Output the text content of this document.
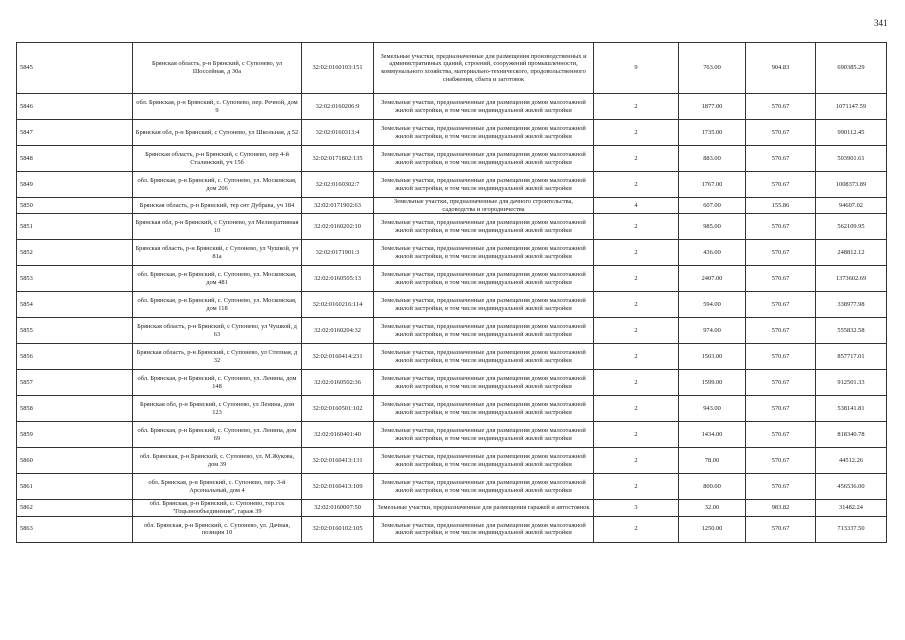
341
5845	Брянская область, р-н Брянский, с Супонево, ул Шоссейная, д 30а	32:02:0160103:151	Земельные участки, предназначенные для размещения производственных и административных зданий, строений, сооружений промышленности, коммунального хозяйства, материально-технического, продовольственного снабжения, сбыта и заготовок	9	763.00	904.83	690385.29
5846	обл. Брянская, р-н Брянский, с. Супонево, пер. Речной, дом 9	32:02:0160206:9	Земельные участки, предназначенные для размещения домов малоэтажной жилой застройки, в том числе индивидуальной жилой застройки	2	1877.00	570.67	1071147.59
5847	Брянская обл, р-н Брянский, с Супонево, ул Школьная, д 52	32:02:0160313:4	Земельные участки, предназначенные для размещения домов малоэтажной жилой застройки, в том числе индивидуальной жилой застройки	2	1735.00	570.67	990112.45
5848	Брянская область, р-н Брянский, с Супонево, пер 4-й Сталинский, уч 15б	32:02:0171802:135	Земельные участки, предназначенные для размещения домов малоэтажной жилой застройки, в том числе индивидуальной жилой застройки	2	883.00	570.67	503901.61
5849	обл. Брянская, р-н Брянский, с. Супонево, ул. Московская, дом 206	32:02:0160302:7	Земельные участки, предназначенные для размещения домов малоэтажной жилой застройки, в том числе индивидуальной жилой застройки	2	1767.00	570.67	1008373.89
5850	Брянская область, р-н Брянский, тер снт Дубрава, уч 184	32:02:0171902:63	Земельные участки, предназначенные для дачного строительства, садоводства и огородничества	4	607.00	155.86	94607.02
5851	Брянская обл, р-н Брянский, с Супонево, ул Мелиоративная 10	32:02:0160202:10	Земельные участки, предназначенные для размещения домов малоэтажной жилой застройки, в том числе индивидуальной жилой застройки	2	985.00	570.67	562109.95
5852	Брянская область, р-н Брянский, с Супонево, ул Чушкой, уч 81а	32:02:0171901:3	Земельные участки, предназначенные для размещения домов малоэтажной жилой застройки, в том числе индивидуальной жилой застройки	2	436.00	570.67	248812.12
5853	обл. Брянская, р-н Брянский, с. Супонево, ул. Московская, дом 481	32:02:0160505:13	Земельные участки, предназначенные для размещения домов малоэтажной жилой застройки, в том числе индивидуальной жилой застройки	2	2407.00	570.67	1373602.69
5854	обл. Брянская, р-н Брянский, с. Супонево, ул. Московская, дом 118	32:02:0160216:114	Земельные участки, предназначенные для размещения домов малоэтажной жилой застройки, в том числе индивидуальной жилой застройки	2	594.00	570.67	338977.98
5855	Брянская область, р-н Брянский, с Супонево, ул Чушкой, д 63	32:02:0160204:32	Земельные участки, предназначенные для размещения домов малоэтажной жилой застройки, в том числе индивидуальной жилой застройки	2	974.00	570.67	555832.58
5856	Брянская область, р-н Брянский, с Супонево, ул Степная, д 32	32:02:0160414:231	Земельные участки, предназначенные для размещения домов малоэтажной жилой застройки, в том числе индивидуальной жилой застройки	2	1503.00	570.67	857717.01
5857	обл. Брянская, р-н Брянский, с. Супонево, ул. Ленина, дом 148	32:02:0160502:36	Земельные участки, предназначенные для размещения домов малоэтажной жилой застройки, в том числе индивидуальной жилой застройки	2	1599.00	570.67	912501.33
5858	Брянская обл, р-н Брянский, с Супонево, ул Ленина, дом 123	32:02:0160501:102	Земельные участки, предназначенные для размещения домов малоэтажной жилой застройки, в том числе индивидуальной жилой застройки	2	943.00	570.67	538141.81
5859	обл. Брянская, р-н Брянский, с. Супонево, ул. Ленина, дом 69	32:02:0160401:40	Земельные участки, предназначенные для размещения домов малоэтажной жилой застройки, в том числе индивидуальной жилой застройки	2	1434.00	570.67	818340.78
5860	обл. Брянская, р-н Брянский, с. Супонево, ул. М.Жукова, дом 39	32:02:0160413:131	Земельные участки, предназначенные для размещения домов малоэтажной жилой застройки, в том числе индивидуальной жилой застройки	2	78.00	570.67	44512.26
5861	обл. Брянская, р-н Брянский, с. Супонево, пер. 3-й Арсенальный, дом 4	32:02:0160413:109	Земельные участки, предназначенные для размещения домов малоэтажной жилой застройки, в том числе индивидуальной жилой застройки	2	800.00	570.67	456536.00
5862	обл. Брянская, р-н Брянский, с. Супонево, тер.гск "Гоцьзнообъединение", гараж 39	32:02:0160007:50	Земельные участки, предназначенные для размещения гаражей и автостоянок	3	32.00	983.82	31482.24
5863	обл. Брянская, р-н Брянский, с. Супонево, ул. Дачная, позиция 10	32:02:0160102:105	Земельные участки, предназначенные для размещения домов малоэтажной жилой застройки, в том числе индивидуальной жилой застройки	2	1250.00	570.67	713337.50
